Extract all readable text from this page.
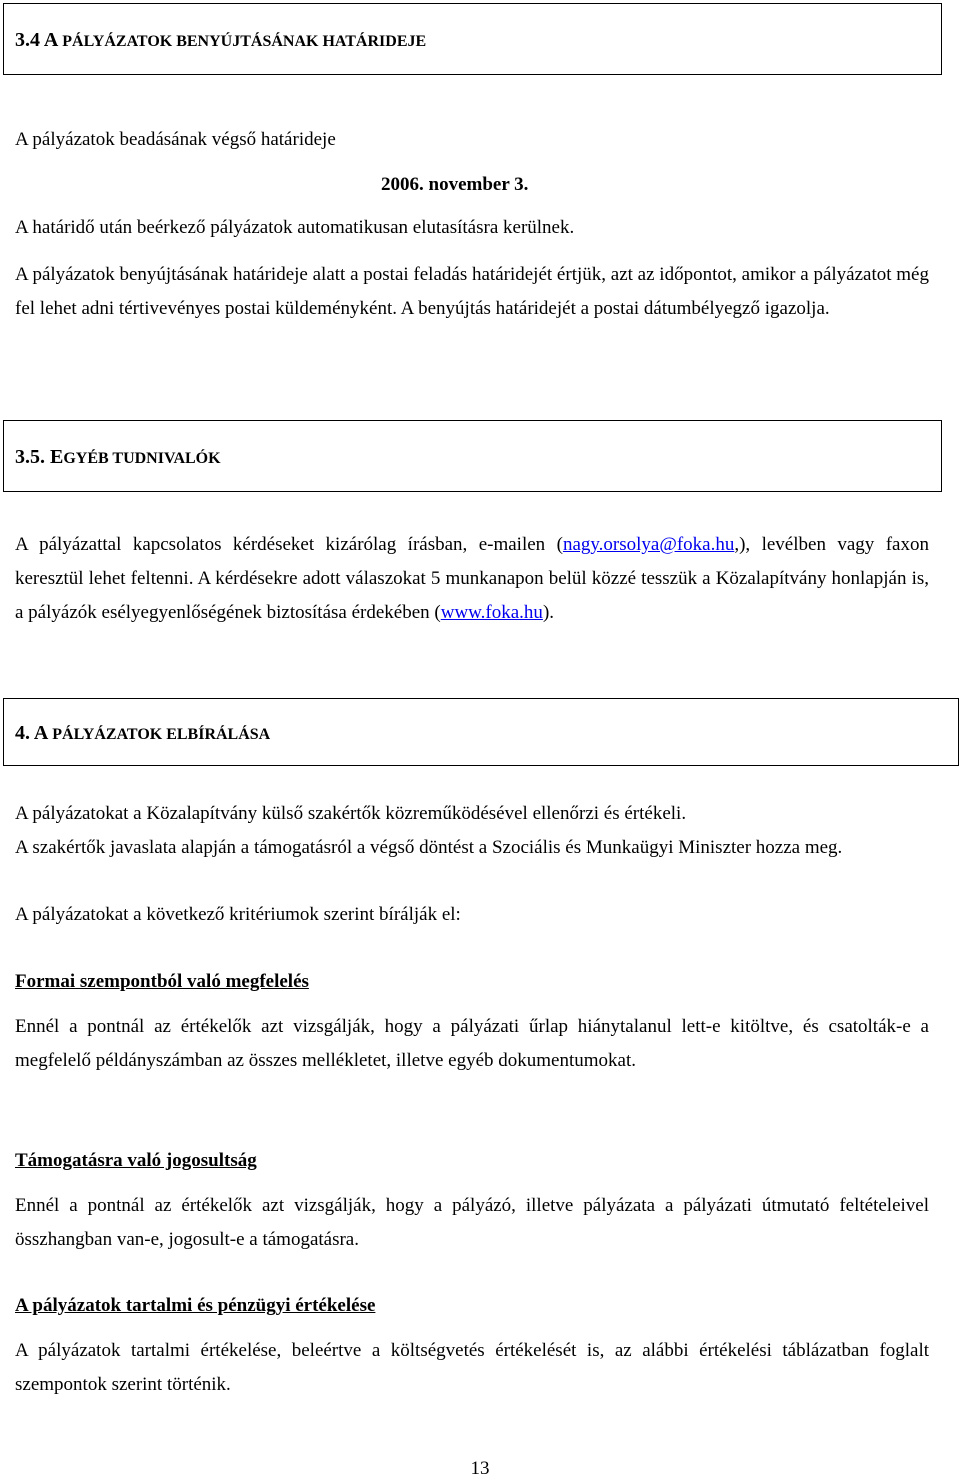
3.4 A PÁLYÁZATOK BENYÚJTÁSÁNAK HATÁRIDEJE

A pályázatok beadásának végső határideje

2006. november 3.

A határidő után beérkező pályázatok automatikusan elutasításra kerülnek.

A pályázatok benyújtásának határideje alatt a postai feladás határidejét értjük, azt az időpontot, amikor a pályázatot még fel lehet adni tértivevényes postai küldeményként. A benyújtás határidejét a postai dátumbélyegző igazolja.

3.5. EGYÉB TUDNIVALÓK

A pályázattal kapcsolatos kérdéseket kizárólag írásban, e-mailen (nagy.orsolya@foka.hu,), levélben vagy faxon keresztül lehet feltenni. A kérdésekre adott válaszokat 5 munkanapon belül közzé tesszük a Közalapítvány honlapján is, a pályázók esélyegyenlőségének biztosítása érdekében (www.foka.hu).

4. A PÁLYÁZATOK ELBÍRÁLÁSA

A pályázatokat a Közalapítvány külső szakértők közreműködésével ellenőrzi és értékeli.

A szakértők javaslata alapján a támogatásról a végső döntést a Szociális és Munkaügyi Miniszter hozza meg.

A pályázatokat a következő kritériumok szerint bírálják el:

Formai szempontból való megfelelés

Ennél a pontnál az értékelők azt vizsgálják, hogy a pályázati űrlap hiánytalanul lett-e kitöltve, és csatolták-e a megfelelő példányszámban az összes mellékletet, illetve egyéb dokumentumokat.

Támogatásra való jogosultság

Ennél a pontnál az értékelők azt vizsgálják, hogy a pályázó, illetve pályázata a pályázati útmutató feltételeivel összhangban van-e, jogosult-e a támogatásra.

A pályázatok tartalmi és pénzügyi értékelése

A pályázatok tartalmi értékelése, beleértve a költségvetés értékelését is, az alábbi értékelési táblázatban foglalt szempontok szerint történik.

13
